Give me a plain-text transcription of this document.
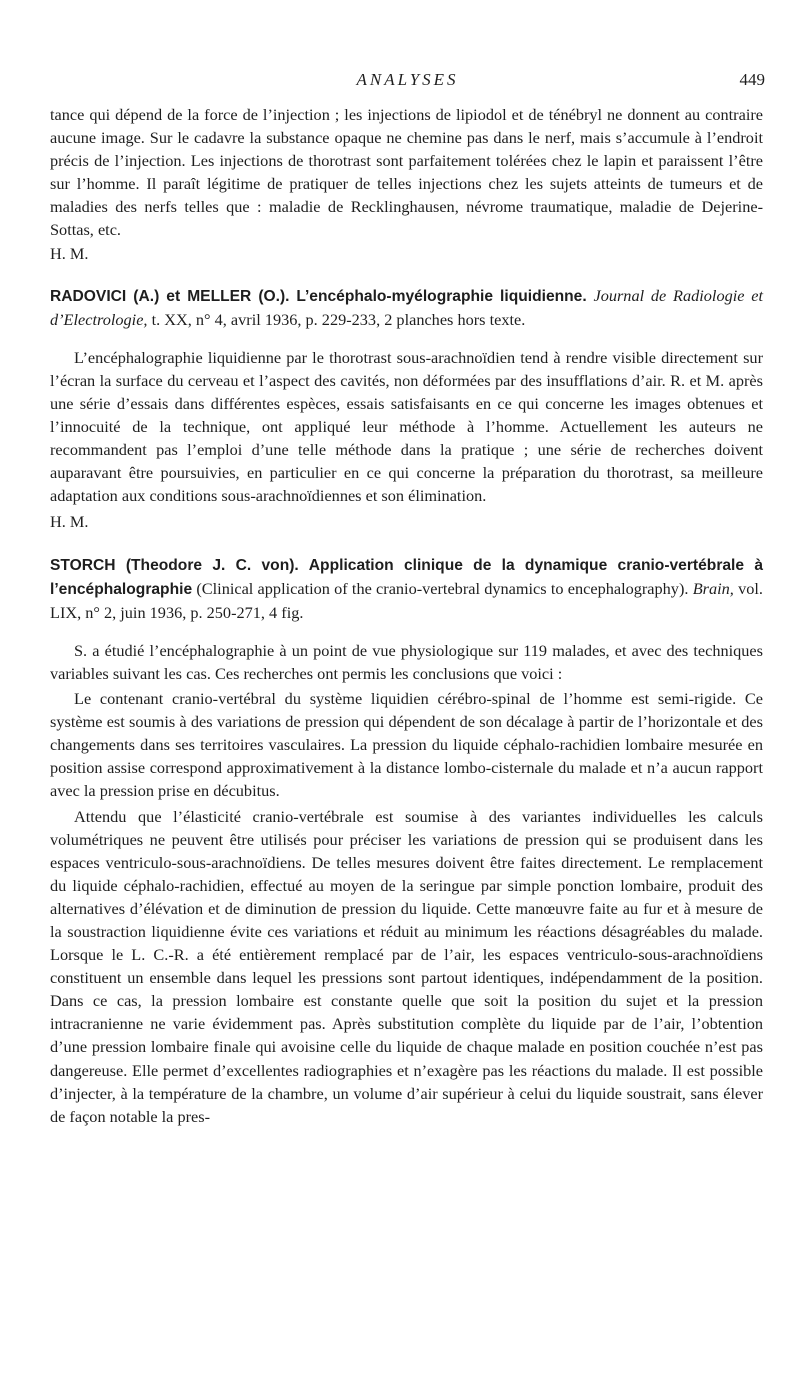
ANALYSES	449

tance qui dépend de la force de l’injection ; les injections de lipiodol et de ténébryl ne donnent au contraire aucune image. Sur le cadavre la substance opaque ne chemine pas dans le nerf, mais s’accumule à l’endroit précis de l’injection. Les injections de thorotrast sont parfaitement tolérées chez le lapin et paraissent l’être sur l’homme. Il paraît légitime de pratiquer de telles injections chez les sujets atteints de tumeurs et de maladies des nerfs telles que : maladie de Recklinghausen, névrome traumatique, maladie de Dejerine-Sottas, etc.

H. M.

RADOVICI (A.) et MELLER (O.). L’encéphalo-myélographie liquidienne. Journal de Radiologie et d’Electrologie, t. XX, n° 4, avril 1936, p. 229-233, 2 planches hors texte.

L’encéphalographie liquidienne par le thorotrast sous-arachnoïdien tend à rendre visible directement sur l’écran la surface du cerveau et l’aspect des cavités, non déformées par des insufflations d’air. R. et M. après une série d’essais dans différentes espèces, essais satisfaisants en ce qui concerne les images obtenues et l’innocuité de la technique, ont appliqué leur méthode à l’homme. Actuellement les auteurs ne recommandent pas l’emploi d’une telle méthode dans la pratique ; une série de recherches doivent auparavant être poursuivies, en particulier en ce qui concerne la préparation du thorotrast, sa meilleure adaptation aux conditions sous-arachnoïdiennes et son élimination.

H. M.

STORCH (Theodore J. C. von). Application clinique de la dynamique cranio-vertébrale à l’encéphalographie (Clinical application of the cranio-vertebral dynamics to encephalography). Brain, vol. LIX, n° 2, juin 1936, p. 250-271, 4 fig.

S. a étudié l’encéphalographie à un point de vue physiologique sur 119 malades, et avec des techniques variables suivant les cas. Ces recherches ont permis les conclusions que voici :

Le contenant cranio-vertébral du système liquidien cérébro-spinal de l’homme est semi-rigide. Ce système est soumis à des variations de pression qui dépendent de son décalage à partir de l’horizontale et des changements dans ses territoires vasculaires. La pression du liquide céphalo-rachidien lombaire mesurée en position assise correspond approximativement à la distance lombo-cisternale du malade et n’a aucun rapport avec la pression prise en décubitus.

Attendu que l’élasticité cranio-vertébrale est soumise à des variantes individuelles les calculs volumétriques ne peuvent être utilisés pour préciser les variations de pression qui se produisent dans les espaces ventriculo-sous-arachnoïdiens. De telles mesures doivent être faites directement. Le remplacement du liquide céphalo-rachidien, effectué au moyen de la seringue par simple ponction lombaire, produit des alternatives d’élévation et de diminution de pression du liquide. Cette manœuvre faite au fur et à mesure de la soustraction liquidienne évite ces variations et réduit au minimum les réactions désagréables du malade. Lorsque le L. C.-R. a été entièrement remplacé par de l’air, les espaces ventriculo-sous-arachnoïdiens constituent un ensemble dans lequel les pressions sont partout identiques, indépendamment de la position. Dans ce cas, la pression lombaire est constante quelle que soit la position du sujet et la pression intracranienne ne varie évidemment pas. Après substitution complète du liquide par de l’air, l’obtention d’une pression lombaire finale qui avoisine celle du liquide de chaque malade en position couchée n’est pas dangereuse. Elle permet d’excellentes radiographies et n’exagère pas les réactions du malade. Il est possible d’injecter, à la température de la chambre, un volume d’air supérieur à celui du liquide soustrait, sans élever de façon notable la pres-
